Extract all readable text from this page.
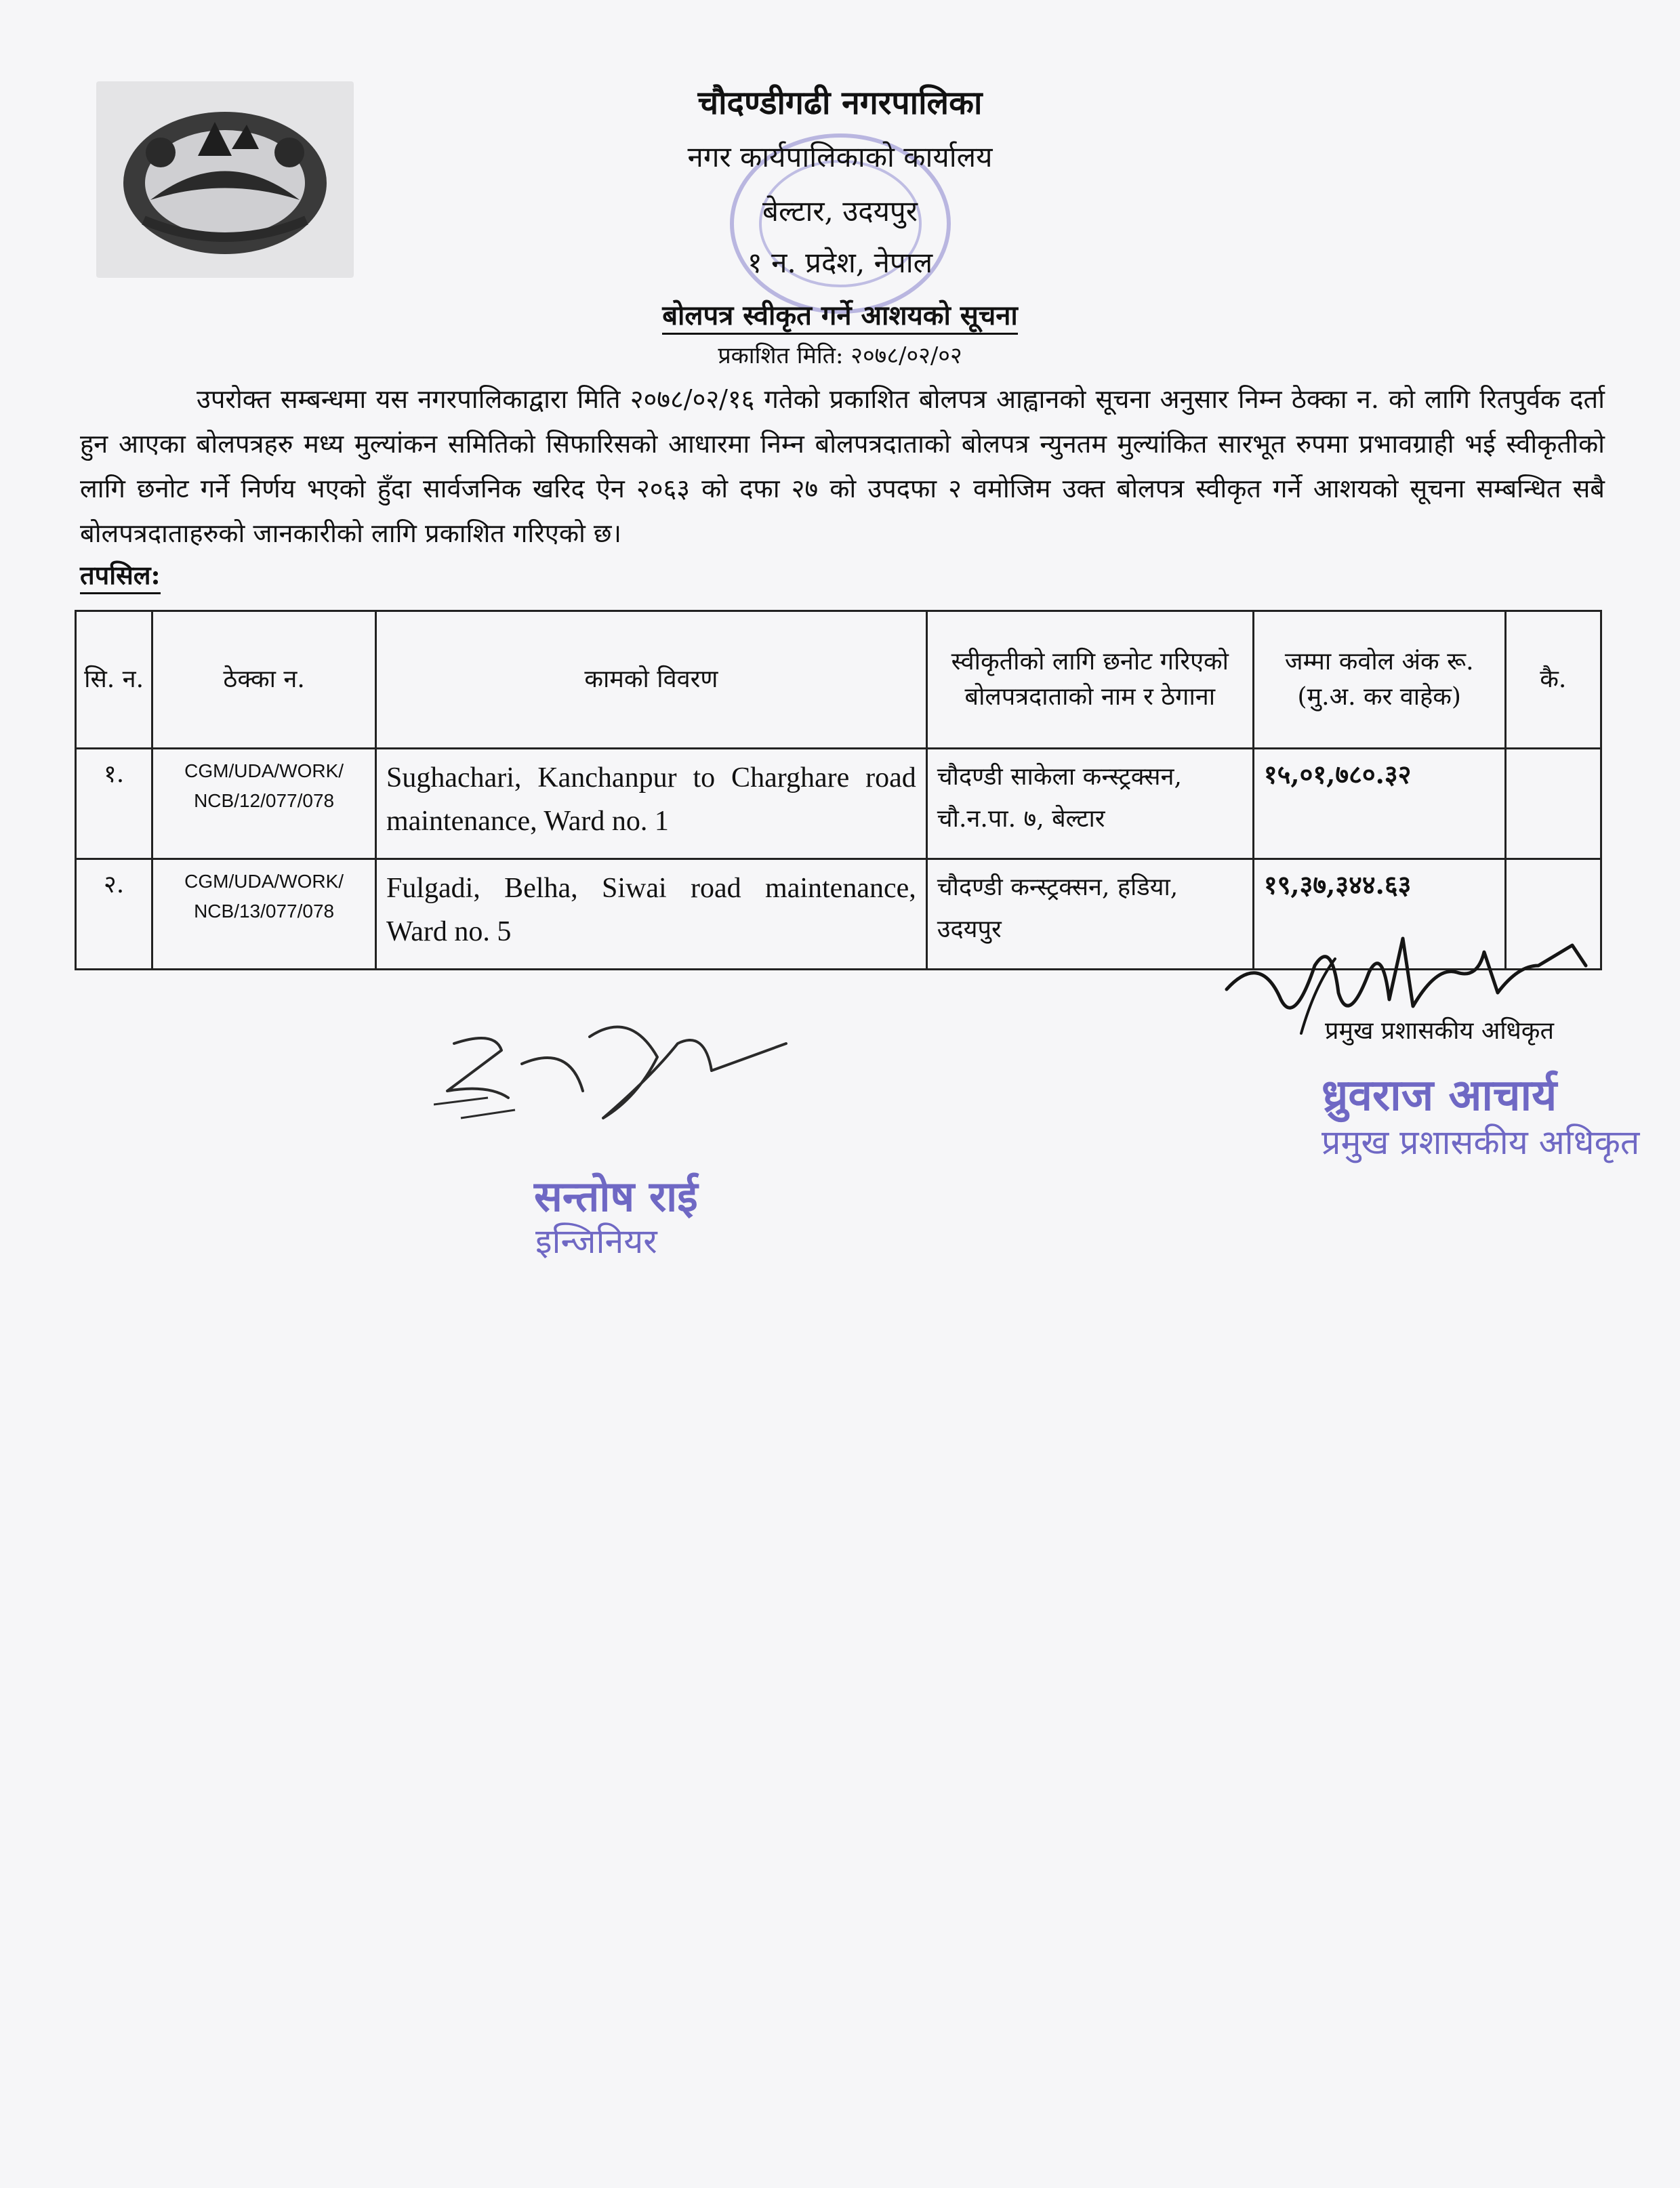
चौदण्डीगढी नगरपालिका
नगर कार्यपालिकाको कार्यालय
बेल्टार, उदयपुर
१ न. प्रदेश, नेपाल
बोलपत्र स्वीकृत गर्ने आशयको सूचना
प्रकाशित मिति: २०७८/०२/०२
उपरोक्त सम्बन्धमा यस नगरपालिकाद्वारा मिति २०७८/०२/१६ गतेको प्रकाशित बोलपत्र आह्वानको सूचना अनुसार निम्न ठेक्का न. को लागि रितपुर्वक दर्ता हुन आएका बोलपत्रहरु मध्य मुल्यांकन समितिको सिफारिसको आधारमा निम्न बोलपत्रदाताको बोलपत्र न्युनतम मुल्यांकित सारभूत रुपमा प्रभावग्राही भई स्वीकृतीको लागि छनोट गर्ने निर्णय भएको हुँदा सार्वजनिक खरिद ऐन २०६३ को दफा २७ को उपदफा २ वमोजिम उक्त बोलपत्र स्वीकृत गर्ने आशयको सूचना सम्बन्धित सबै बोलपत्रदाताहरुको जानकारीको लागि प्रकाशित गरिएको छ।
तपसिल:
सि. न.	ठेक्का न.	कामको विवरण	स्वीकृतीको लागि छनोट गरिएको बोलपत्रदाताको नाम र ठेगाना	जम्मा कवोल अंक रू. (मु.अ. कर वाहेक)	कै.
१.	CGM/UDA/WORK/ NCB/12/077/078	Sughachari, Kanchanpur to Charghare road maintenance, Ward no. 1	चौदण्डी साकेला कन्स्ट्रक्सन, चौ.न.पा. ७, बेल्टार	१५,०१,७८०.३२	
२.	CGM/UDA/WORK/ NCB/13/077/078	Fulgadi, Belha, Siwai road maintenance, Ward no. 5	चौदण्डी कन्स्ट्रक्सन, हडिया, उदयपुर	१९,३७,३४४.६३	
प्रमुख प्रशासकीय अधिकृत
ध्रुवराज आचार्य
प्रमुख प्रशासकीय अधिकृत
सन्तोष राई
इन्जिनियर
